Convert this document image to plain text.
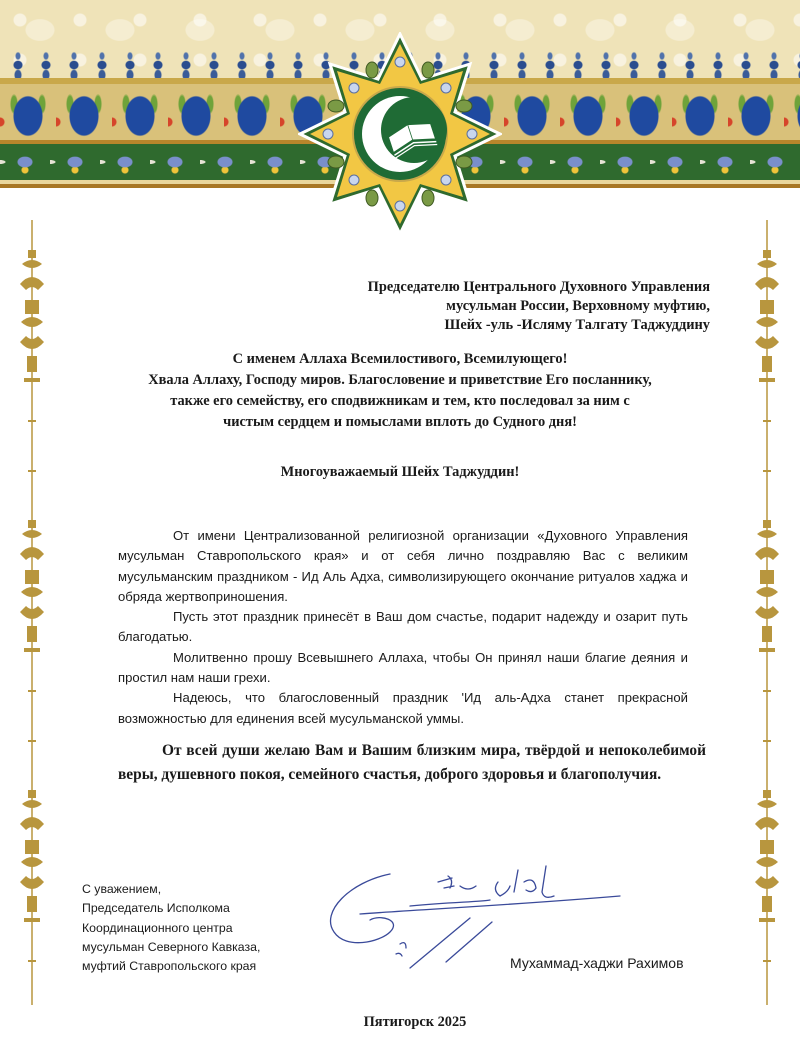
Председателю Центрального Духовного Управления
мусульман России, Верховному муфтию,
Шейх -уль -Исляму Талгату Таджуддину
С именем Аллаха Всемилостивого, Всемилующего!
Хвала Аллаху, Господу миров. Благословение и приветствие Его посланнику,
также его семейству, его сподвижникам и тем, кто последовал за ним с
чистым сердцем и помыслами вплоть до Судного дня!
Многоуважаемый Шейх Таджуддин!

От имени Централизованной религиозной организации «Духовного Управления мусульман Ставропольского края» и от себя лично поздравляю Вас с великим мусульманским праздником - Ид Аль Адха, символизирующего окончание ритуалов хаджа и обряда жертвоприношения.

Пусть этот праздник принесёт в Ваш дом счастье, подарит надежду и озарит путь благодатью.

Молитвенно прошу Всевышнего Аллаха, чтобы Он принял наши благие деяния и простил нам наши грехи.

Надеюсь, что благословенный праздник 'Ид аль-Адха станет прекрасной возможностью для единения всей мусульманской уммы.

От всей души желаю Вам и Вашим близким мира, твёрдой и непоколебимой веры, душевного покоя, семейного счастья, доброго здоровья и благополучия.

С уважением,
Председатель Исполкома
Координационного центра
мусульман Северного Кавказа,
муфтий Ставропольского края	Мухаммад-хаджи Рахимов
Пятигорск 2025
